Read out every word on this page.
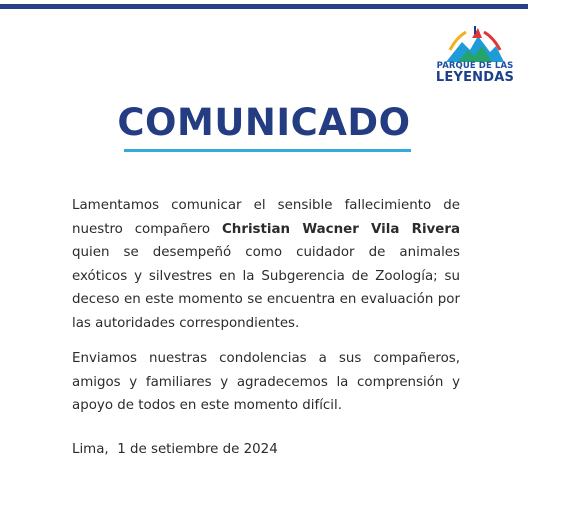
PARQUE DE LAS
LEYENDAS
COMUNICADO
Lamentamos comunicar el sensible fallecimiento de nuestro compañero Christian Wacner Vila Rivera quien se desempeñó como cuidador de animales exóticos y silvestres en la Subgerencia de Zoología; su deceso en este momento se encuentra en evaluación por las autoridades correspondientes.
Enviamos nuestras condolencias a sus compañeros, amigos y familiares y agradecemos la comprensión y apoyo de todos en este momento difícil.
Lima,  1 de setiembre de 2024
